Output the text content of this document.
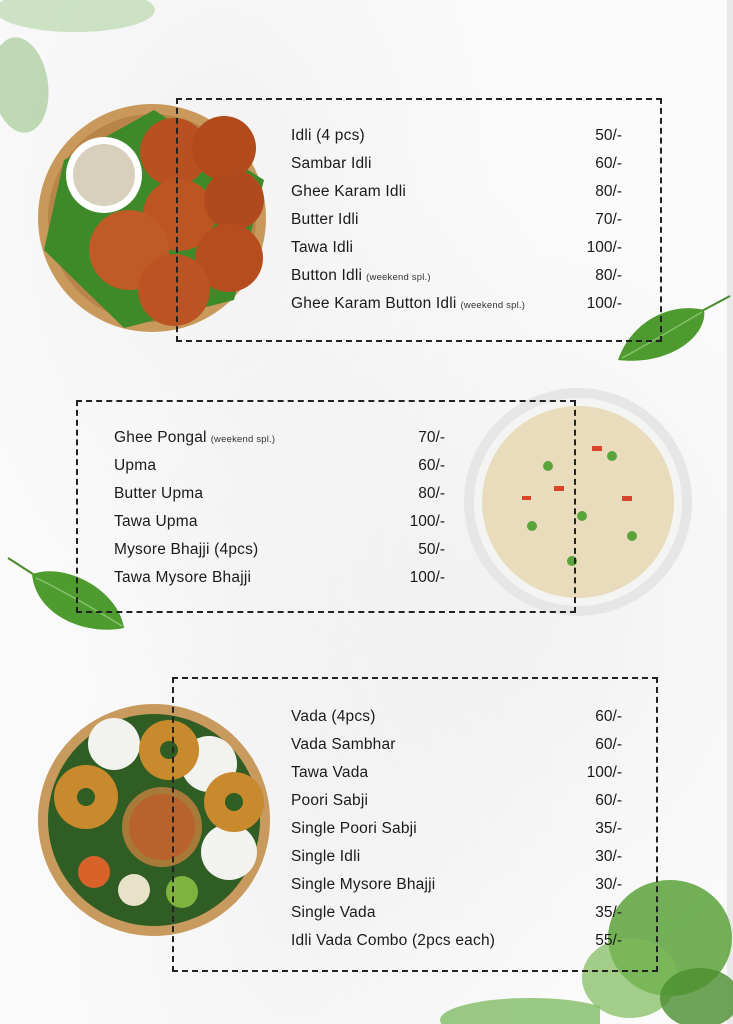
Idli (4 pcs)	50/-
Sambar Idli	60/-
Ghee Karam Idli	80/-
Butter Idli	70/-
Tawa Idli	100/-
Button Idli (weekend spl.)	80/-
Ghee Karam Button Idli (weekend spl.)	100/-
Ghee Pongal (weekend spl.)	70/-
Upma	60/-
Butter Upma	80/-
Tawa Upma	100/-
Mysore Bhajji (4pcs)	50/-
Tawa Mysore Bhajji	100/-
Vada (4pcs)	60/-
Vada Sambhar	60/-
Tawa Vada	100/-
Poori Sabji	60/-
Single Poori Sabji	35/-
Single Idli	30/-
Single Mysore Bhajji	30/-
Single Vada	35/-
Idli Vada Combo (2pcs each)	55/-
